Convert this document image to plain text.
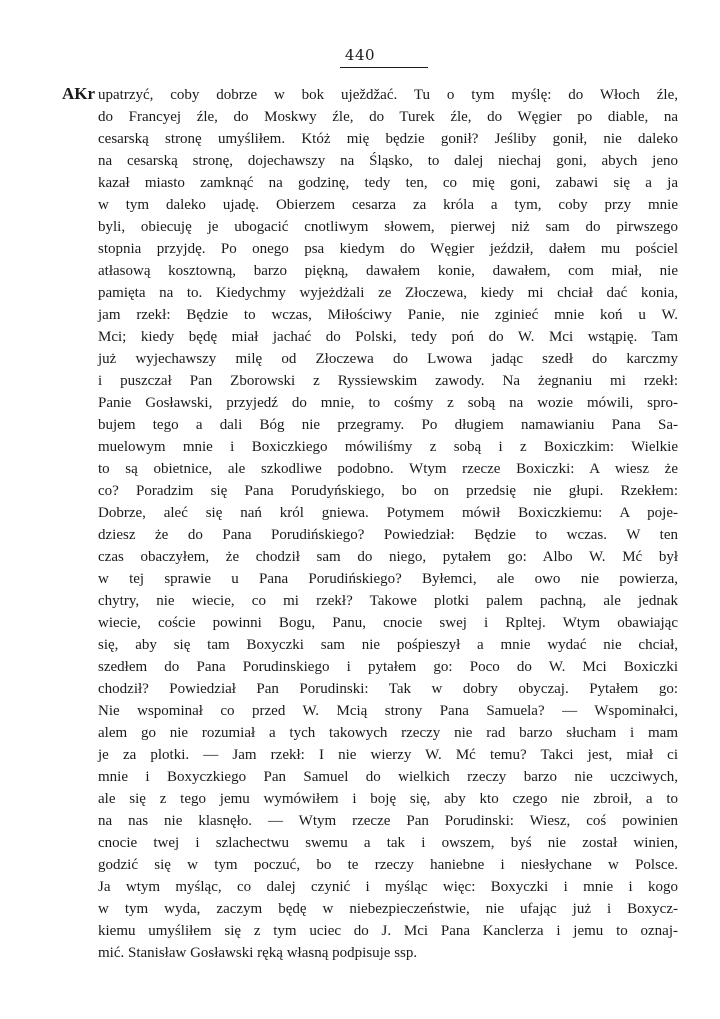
440
AKr upatrzyć, coby dobrze w bok uježdžać. Tu o tym myślę: do Włoch źle,
do Francyej źle, do Moskwy źle, do Turek źle, do Węgier po diable, na
cesarską stronę umyśliłem. Któż mię będzie gonił? Jeśliby gonił, nie daleko
na cesarską stronę, dojechawszy na Śląsko, to dalej niechaj goni, abych jeno
kazał miasto zamknąć na godzinę, tedy ten, co mię goni, zabawi się a ja
w tym daleko ujadę. Obierzem cesarza za króla a tym, coby przy mnie
byli, obiecuję je ubogacić cnotliwym słowem, pierwej niż sam do pirwszego
stopnia przyjdę. Po onego psa kiedym do Węgier jeździł, dałem mu pościel
atłasową kosztowną, barzo piękną, dawałem konie, dawałem, com miał, nie
pamięta na to. Kiedychmy wyjeżdżali ze Złoczewa, kiedy mi chciał dać konia,
jam rzekł: Będzie to wczas, Miłościwy Panie, nie zginieć mnie koń u W.
Mci; kiedy będę miał jachać do Polski, tedy poń do W. Mci wstąpię. Tam
już wyjechawszy milę od Złoczewa do Lwowa jadąc szedł do karczmy
i puszczał Pan Zborowski z Ryssiewskim zawody. Na żegnaniu mi rzekł:
Panie Gosławski, przyjedź do mnie, to cośmy z sobą na wozie mówili, spro-
bujem tego a dali Bóg nie przegramy. Po długiem namawianiu Pana Sa-
muelowym mnie i Boxiczkiego mówiliśmy z sobą i z Boxiczkim: Wielkie
to są obietnice, ale szkodliwe podobno. Wtym rzecze Boxiczki: A wiesz że
co? Poradzim się Pana Porudyńskiego, bo on przedsię nie głupi. Rzekłem:
Dobrze, aleć się nań król gniewa. Potymem mówił Boxiczkiemu: A poje-
dziesz że do Pana Porudińskiego? Powiedział: Będzie to wczas. W ten
czas obaczyłem, że chodził sam do niego, pytałem go: Albo W. Mć był
w tej sprawie u Pana Porudińskiego? Byłemci, ale owo nie powierza,
chytry, nie wiecie, co mi rzekł? Takowe plotki palem pachną, ale jednak
wiecie, coście powinni Bogu, Panu, cnocie swej i Rpltej. Wtym obawiając
się, aby się tam Boxyczki sam nie pośpieszył a mnie wydać nie chciał,
szedłem do Pana Porudinskiego i pytałem go: Poco do W. Mci Boxiczki
chodził? Powiedział Pan Porudinski: Tak w dobry obyczaj. Pytałem go:
Nie wspominał co przed W. Mcią strony Pana Samuela? — Wspominałci,
alem go nie rozumiał a tych takowych rzeczy nie rad barzo słucham i mam
je za plotki. — Jam rzekł: I nie wierzy W. Mć temu? Takci jest, miał ci
mnie i Boxyczkiego Pan Samuel do wielkich rzeczy barzo nie uczciwych,
ale się z tego jemu wymówiłem i boję się, aby kto czego nie zbroił, a to
na nas nie klasnęło. — Wtym rzecze Pan Porudinski: Wiesz, coś powinien
cnocie twej i szlachectwu swemu a tak i owszem, byś nie został winien,
godzić się w tym poczuć, bo te rzeczy haniebne i niesłychane w Polsce.
Ja wtym myśląc, co dalej czynić i myśląc więc: Boxyczki i mnie i kogo
w tym wyda, zaczym będę w niebezpieczeństwie, nie ufając już i Boxycz-
kiemu umyśliłem się z tym uciec do J. Mci Pana Kanclerza i jemu to oznaj-
mić. Stanisław Gosławski ręką własną podpisuje ssp.
